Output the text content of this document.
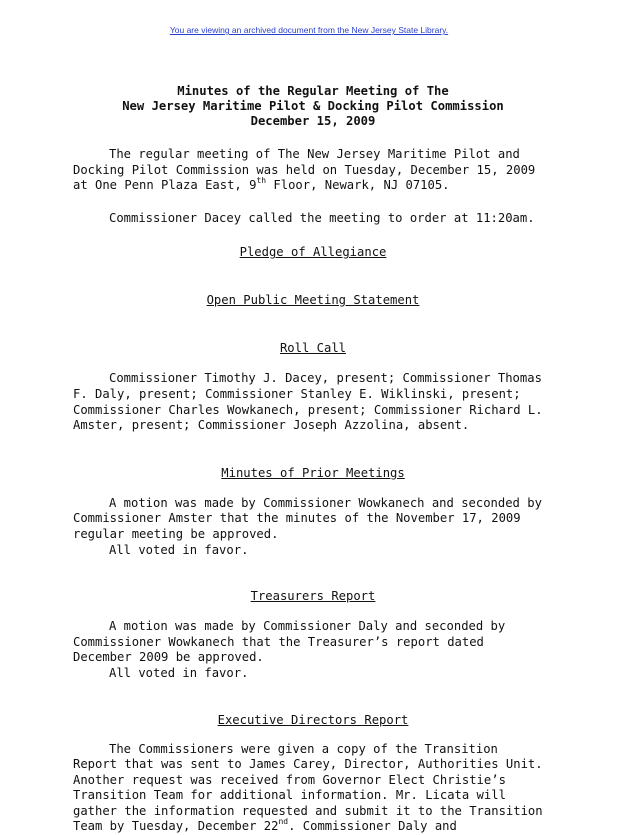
You are viewing an archived document from the New Jersey State Library.
Minutes of the Regular Meeting of The
New Jersey Maritime Pilot & Docking Pilot Commission
December 15, 2009
The regular meeting of The New Jersey Maritime Pilot and
Docking Pilot Commission was held on Tuesday, December 15, 2009
at One Penn Plaza East, 9th Floor, Newark, NJ 07105.
Commissioner Dacey called the meeting to order at 11:20am.
Pledge of Allegiance
Open Public Meeting Statement
Roll Call
Commissioner Timothy J. Dacey, present; Commissioner Thomas
F. Daly, present; Commissioner Stanley E. Wiklinski, present;
Commissioner Charles Wowkanech, present; Commissioner Richard L.
Amster, present; Commissioner Joseph Azzolina, absent.
Minutes of Prior Meetings
A motion was made by Commissioner Wowkanech and seconded by
Commissioner Amster that the minutes of the November 17, 2009
regular meeting be approved.
All voted in favor.
Treasurers Report
A motion was made by Commissioner Daly and seconded by
Commissioner Wowkanech that the Treasurer’s report dated
December 2009 be approved.
All voted in favor.
Executive Directors Report
The Commissioners were given a copy of the Transition
Report that was sent to James Carey, Director, Authorities Unit.
Another request was received from Governor Elect Christie’s
Transition Team for additional information. Mr. Licata will
gather the information requested and submit it to the Transition
Team by Tuesday, December 22nd. Commissioner Daly and
